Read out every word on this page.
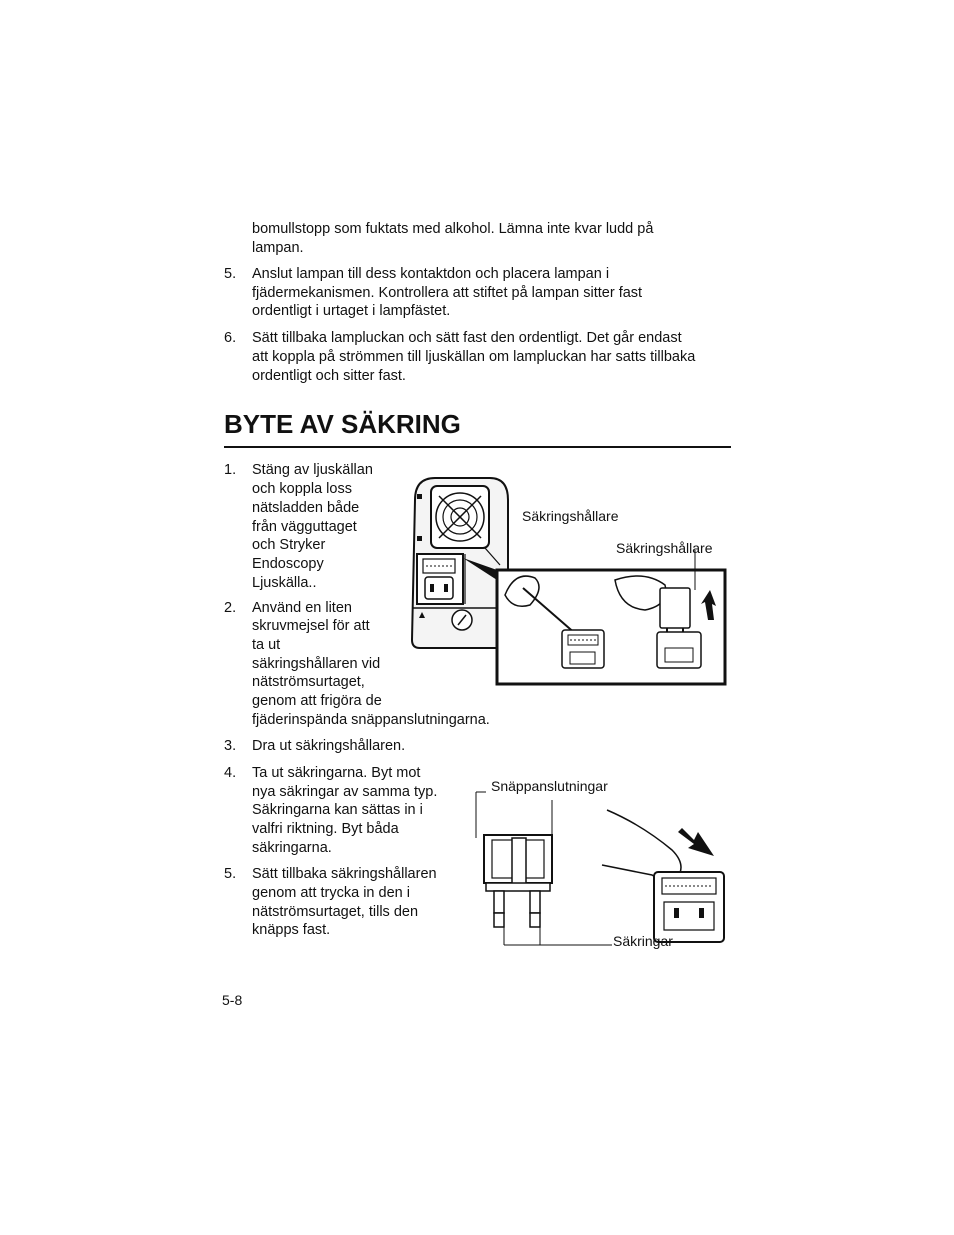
bomullstopp som fuktats med alkohol. Lämna inte kvar ludd på
lampan.
5. Anslut lampan till dess kontaktdon och placera lampan i
fjädermekanismen. Kontrollera att stiftet på lampan sitter fast
ordentligt i urtaget i lampfästet.
6. Sätt tillbaka lampluckan och sätt fast den ordentligt. Det går endast
att koppla på strömmen till ljuskällan om lampluckan har satts tillbaka
ordentligt och sitter fast.
BYTE AV SÄKRING
1. Stäng av ljuskällan
och koppla loss
nätsladden både
från vägguttaget
och Stryker
Endoscopy
Ljuskälla..
2. Använd en liten
skruvmejsel för att
ta ut
säkringshållaren vid
nätströmsurtaget,
genom att frigöra de
fjäderinspända snäppanslutningarna.
3. Dra ut säkringshållaren.
4. Ta ut säkringarna. Byt mot
nya säkringar av samma typ.
Säkringarna kan sättas in i
valfri riktning. Byt båda
säkringarna.
5. Sätt tillbaka säkringshållaren
genom att trycka in den i
nätströmsurtaget, tills den
knäpps fast.
Säkringshållare
Säkringshållare
Snäppanslutningar
Säkringar
5-8
